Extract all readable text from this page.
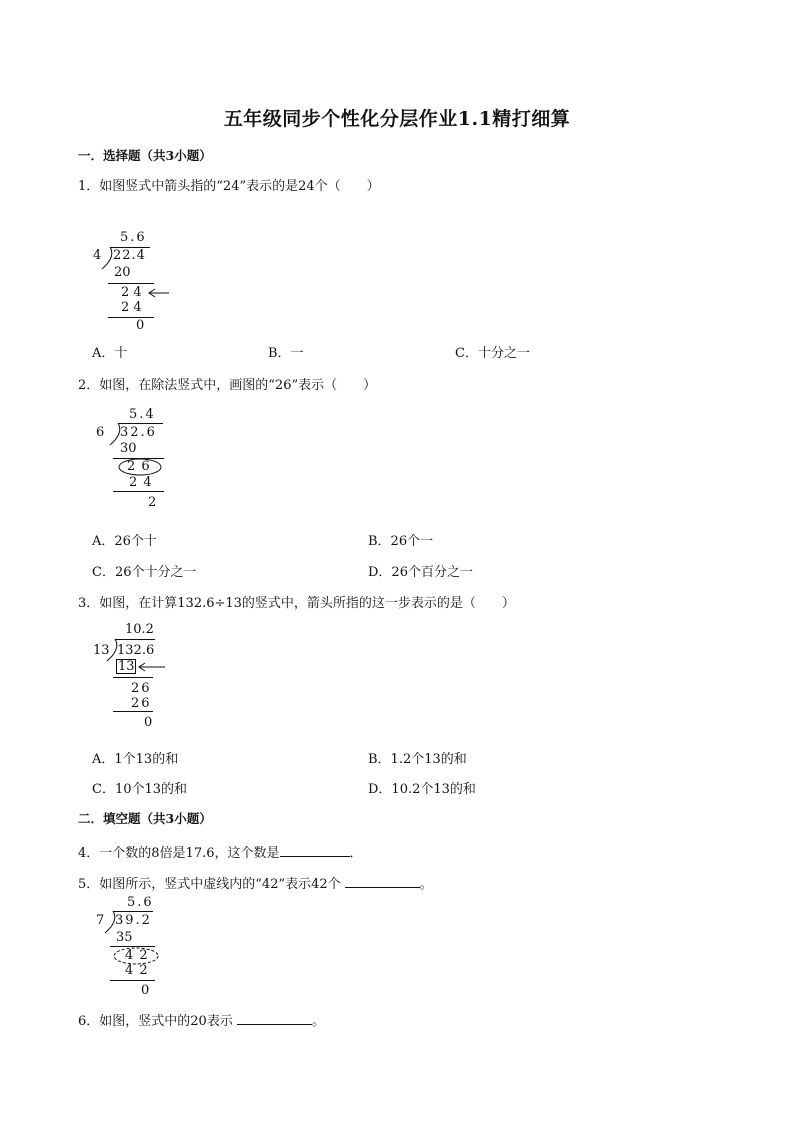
五年级同步个性化分层作业1.1精打细算
一．选择题（共3小题）
1．如图竖式中箭头指的“24”表示的是24个（　　）
5.6
4 22.4
20
2 4
2 4
0
A．十	B．一	C．十分之一
2．如图，在除法竖式中，画图的“26”表示（　　）
5.4
6 32.6
30
2 6
2 4
2
A．26个十	B．26个一
C．26个十分之一	D．26个百分之一
3．如图，在计算132.6÷13的竖式中，箭头所指的这一步表示的是（　　）
10.2
13 132.6
13
26
26
0
A．1个13的和	B．1.2个13的和
C．10个13的和	D．10.2个13的和
二．填空题（共3小题）
4．一个数的8倍是17.6，这个数是	．
5．如图所示，竖式中虚线内的“42”表示42个	。
5.6
7 39.2
35
4 2
4 2
0
6．如图，竖式中的20表示	。
